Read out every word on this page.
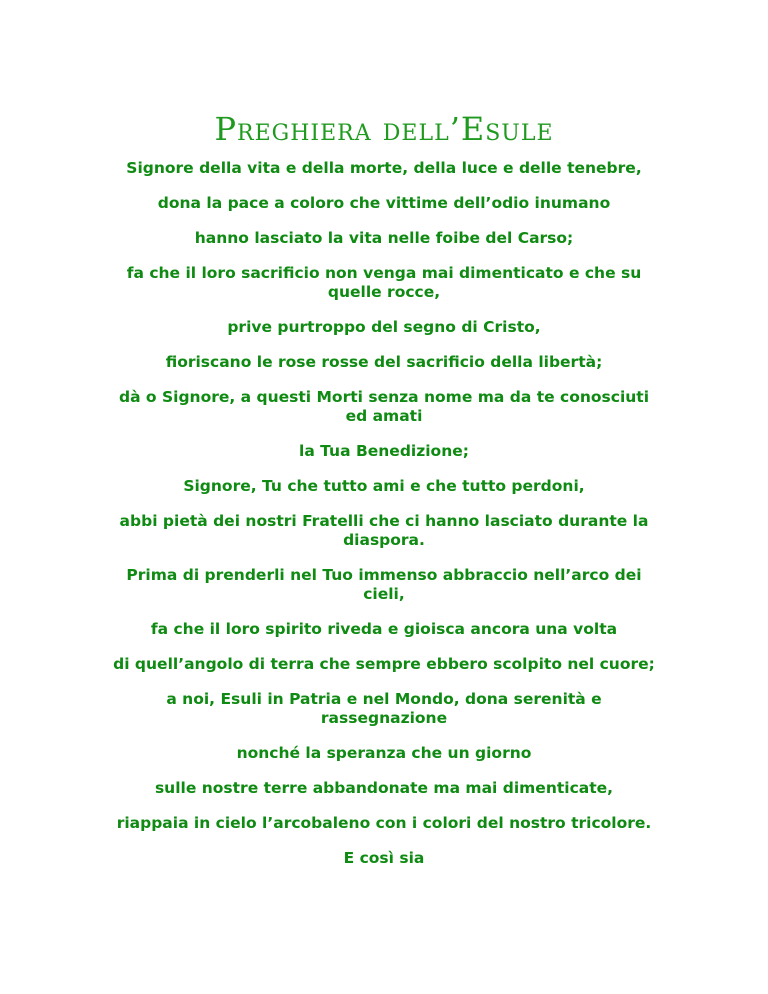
Preghiera dell’Esule

Signore della vita e della morte, della luce e delle tenebre,

dona la pace a coloro che vittime dell’odio inumano

hanno lasciato la vita nelle foibe del Carso;

fa che il loro sacrificio non venga mai dimenticato e che su quelle rocce,

prive purtroppo del segno di Cristo,

fioriscano le rose rosse del sacrificio della libertà;

dà o Signore, a questi Morti senza nome ma da te conosciuti ed amati

la Tua Benedizione;

Signore, Tu che tutto ami e che tutto perdoni,

abbi pietà dei nostri Fratelli che ci hanno lasciato durante la diaspora.

Prima di prenderli nel Tuo immenso abbraccio nell’arco dei cieli,

fa che il loro spirito riveda e gioisca ancora una volta

di quell’angolo di terra che sempre ebbero scolpito nel cuore;

a noi, Esuli in Patria e nel Mondo, dona serenità e rassegnazione

nonché la speranza che un giorno

sulle nostre terre abbandonate ma mai dimenticate,

riappaia in cielo l’arcobaleno con i colori del nostro tricolore.

E così sia
